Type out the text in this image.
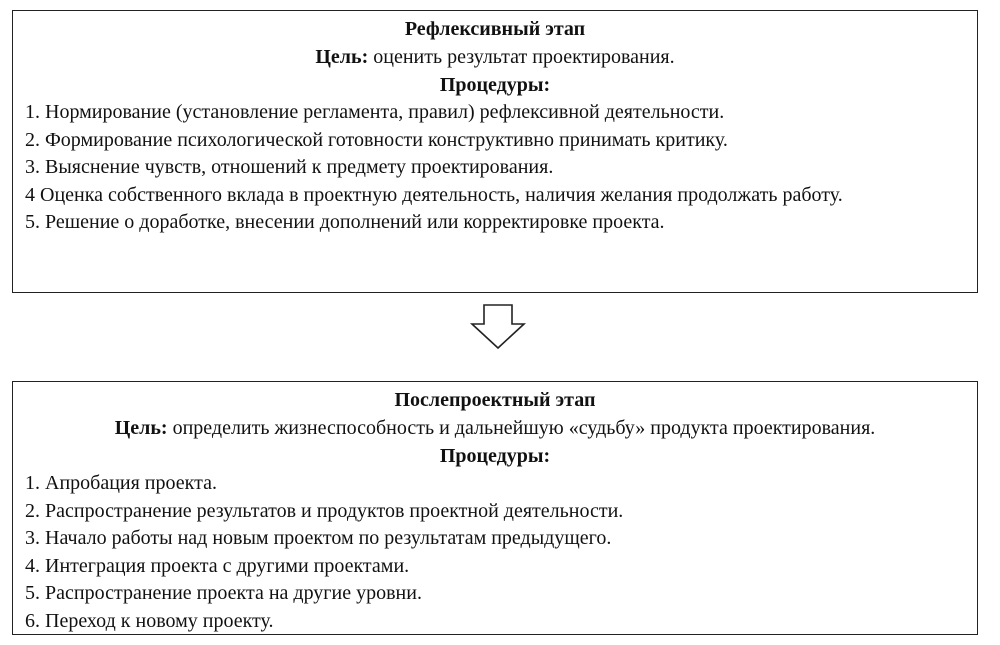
Рефлексивный этап
Цель: оценить результат проектирования.
Процедуры:
1. Нормирование (установление регламента, правил) рефлексивной деятельности.
2. Формирование психологической готовности конструктивно принимать критику.
3. Выяснение чувств, отношений к предмету проектирования.
4 Оценка собственного вклада в проектную деятельность, наличия желания продолжать работу.
5. Решение о доработке, внесении дополнений или корректировке проекта.
Послепроектный этап
Цель: определить жизнеспособность и дальнейшую «судьбу» продукта проектирования.
Процедуры:
1. Апробация проекта.
2. Распространение результатов и продуктов проектной деятельности.
3. Начало работы над новым проектом по результатам предыдущего.
4. Интеграция проекта с другими проектами.
5. Распространение проекта на другие уровни.
6. Переход к новому проекту.
